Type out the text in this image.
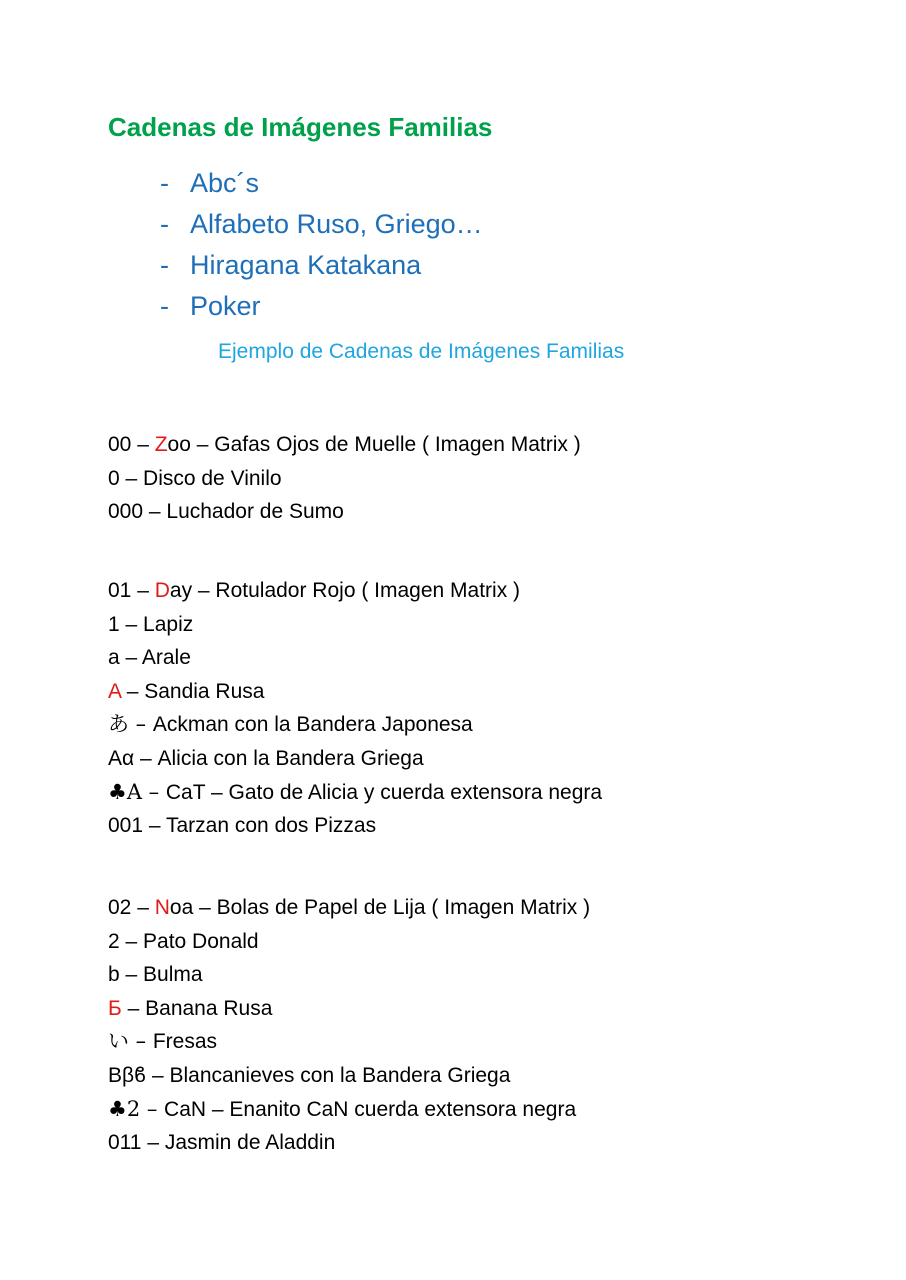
Cadenas de Imágenes Familias
- Abc´s
- Alfabeto Ruso, Griego…
- Hiragana Katakana
- Poker
Ejemplo de Cadenas de Imágenes Familias

00 – Zoo – Gafas Ojos de Muelle ( Imagen Matrix )

0 – Disco de Vinilo

000 – Luchador de Sumo

01 – Day – Rotulador Rojo ( Imagen Matrix )

1 – Lapiz

a – Arale

A – Sandia Rusa

あ – Ackman con la Bandera Japonesa

Αα – Alicia con la Bandera Griega

♣A – CaT – Gato de Alicia y cuerda extensora negra

001 – Tarzan con dos Pizzas

02 – Noa – Bolas de Papel de Lija ( Imagen Matrix )

2 – Pato Donald

b – Bulma

Б – Banana Rusa

い – Fresas

Bβϐ – Blancanieves con la Bandera Griega

♣2 – CaN – Enanito CaN cuerda extensora negra

011 – Jasmin de Aladdin
